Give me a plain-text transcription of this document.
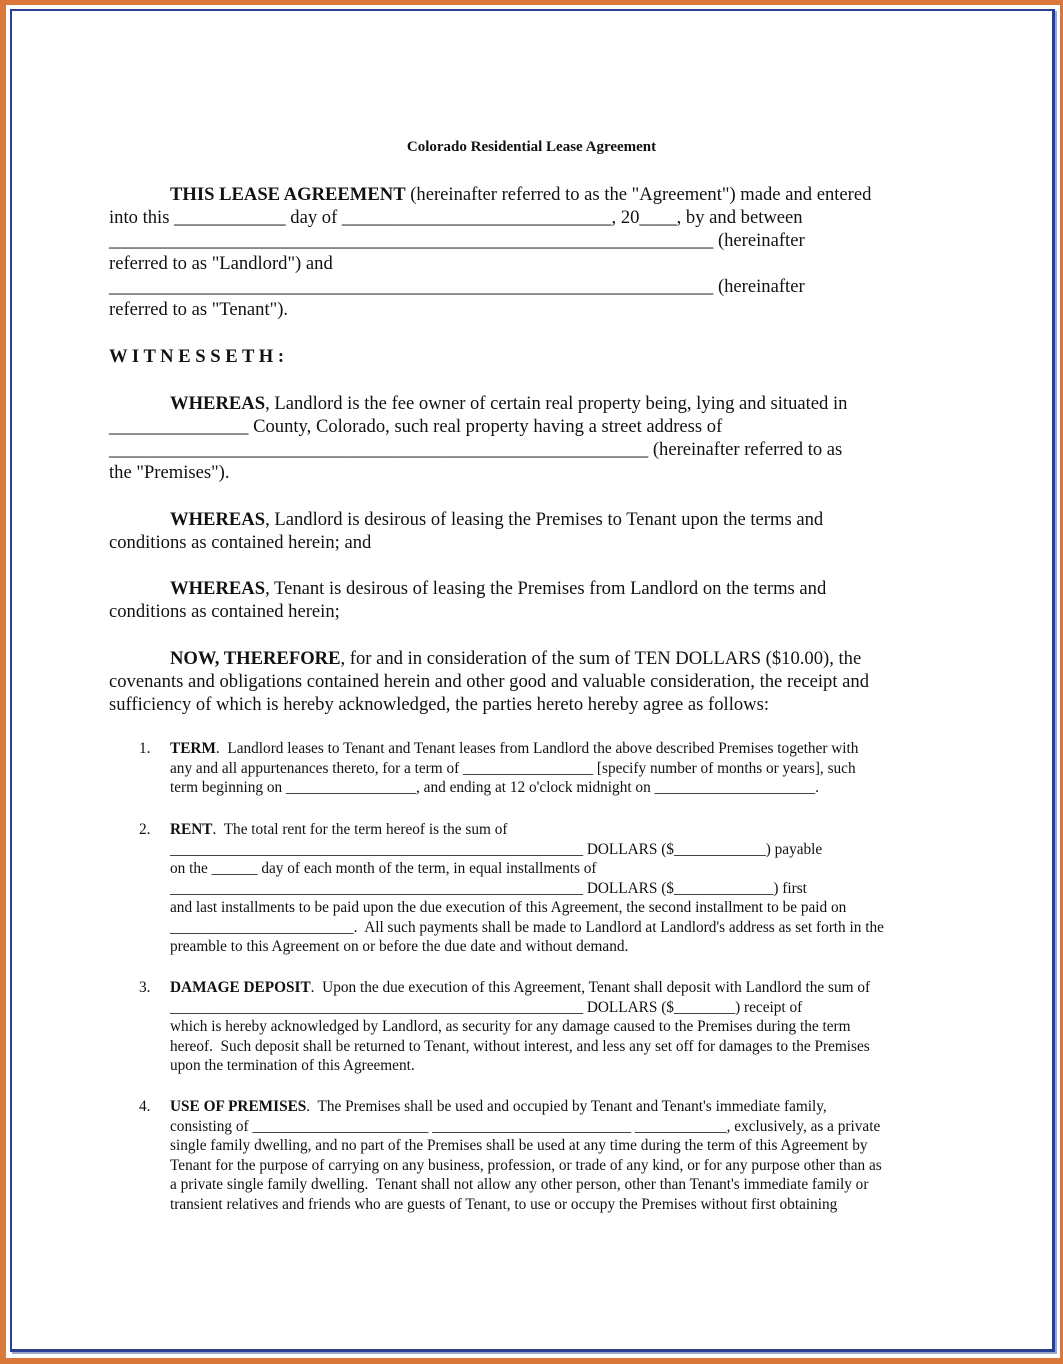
Colorado Residential Lease Agreement
THIS LEASE AGREEMENT (hereinafter referred to as the "Agreement") made and entered
into this ____________ day of _____________________________, 20____, by and between
_________________________________________________________________ (hereinafter
referred to as "Landlord") and
_________________________________________________________________ (hereinafter
referred to as "Tenant").
W I T N E S S E T H :
WHEREAS, Landlord is the fee owner of certain real property being, lying and situated in
_______________ County, Colorado, such real property having a street address of
__________________________________________________________ (hereinafter referred to as
the "Premises").
WHEREAS, Landlord is desirous of leasing the Premises to Tenant upon the terms and
conditions as contained herein; and
WHEREAS, Tenant is desirous of leasing the Premises from Landlord on the terms and
conditions as contained herein;
NOW, THEREFORE, for and in consideration of the sum of TEN DOLLARS ($10.00), the
covenants and obligations contained herein and other good and valuable consideration, the receipt and
sufficiency of which is hereby acknowledged, the parties hereto hereby agree as follows:
1. TERM.  Landlord leases to Tenant and Tenant leases from Landlord the above described Premises together with
any and all appurtenances thereto, for a term of _________________ [specify number of months or years], such
term beginning on _________________, and ending at 12 o'clock midnight on _____________________.
2. RENT.  The total rent for the term hereof is the sum of
______________________________________________________ DOLLARS ($____________) payable
on the ______ day of each month of the term, in equal installments of
______________________________________________________ DOLLARS ($_____________) first
and last installments to be paid upon the due execution of this Agreement, the second installment to be paid on
________________________.  All such payments shall be made to Landlord at Landlord's address as set forth in the
preamble to this Agreement on or before the due date and without demand.
3. DAMAGE DEPOSIT.  Upon the due execution of this Agreement, Tenant shall deposit with Landlord the sum of
______________________________________________________ DOLLARS ($________) receipt of
which is hereby acknowledged by Landlord, as security for any damage caused to the Premises during the term
hereof.  Such deposit shall be returned to Tenant, without interest, and less any set off for damages to the Premises
upon the termination of this Agreement.
4. USE OF PREMISES.  The Premises shall be used and occupied by Tenant and Tenant's immediate family,
consisting of _______________________ __________________________ ____________, exclusively, as a private
single family dwelling, and no part of the Premises shall be used at any time during the term of this Agreement by
Tenant for the purpose of carrying on any business, profession, or trade of any kind, or for any purpose other than as
a private single family dwelling.  Tenant shall not allow any other person, other than Tenant's immediate family or
transient relatives and friends who are guests of Tenant, to use or occupy the Premises without first obtaining
